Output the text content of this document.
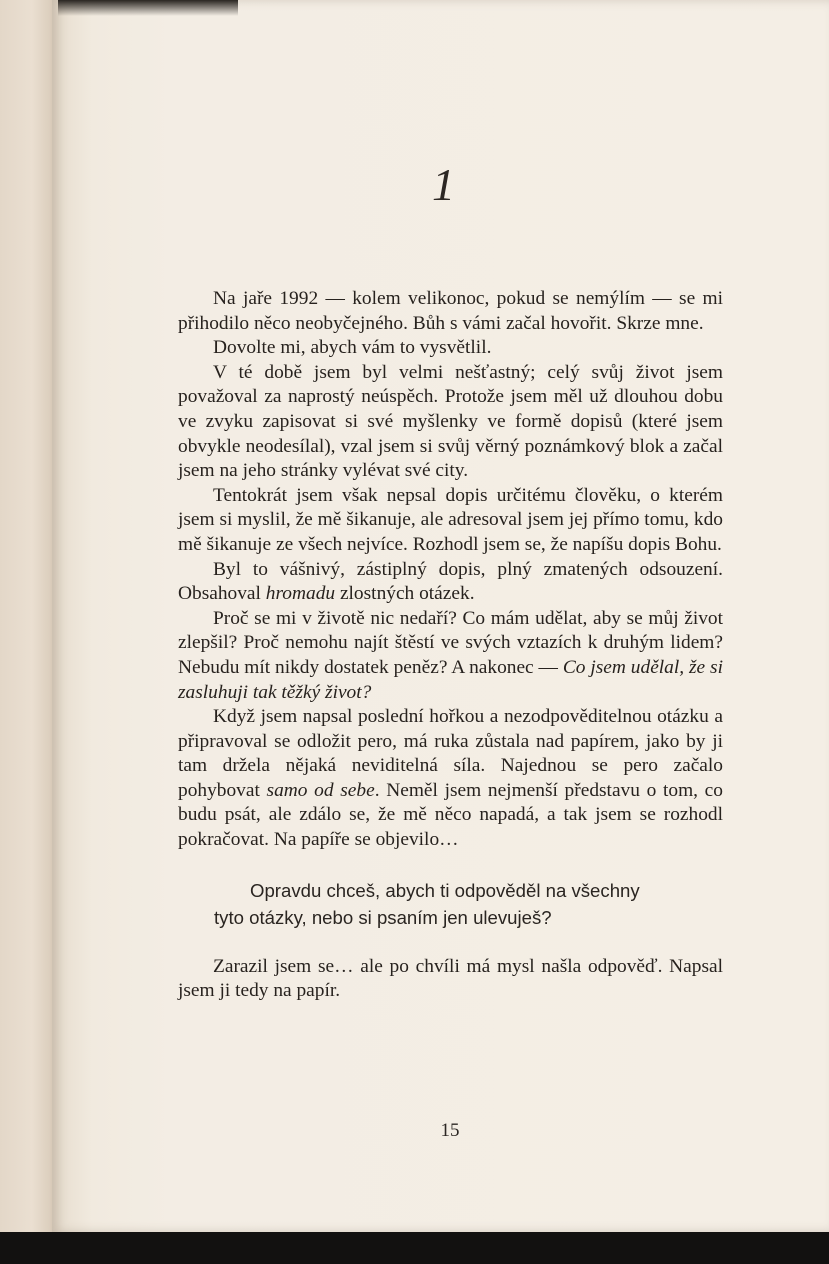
1

Na jaře 1992 — kolem velikonoc, pokud se nemýlím — se mi přihodilo něco neobyčejného. Bůh s vámi začal hovořit. Skrze mne.

Dovolte mi, abych vám to vysvětlil.

V té době jsem byl velmi nešťastný; celý svůj život jsem považoval za naprostý neúspěch. Protože jsem měl už dlouhou dobu ve zvyku zapisovat si své myšlenky ve formě dopisů (které jsem obvykle neodesílal), vzal jsem si svůj věrný poznámkový blok a začal jsem na jeho stránky vylévat své city.

Tentokrát jsem však nepsal dopis určitému člověku, o kterém jsem si myslil, že mě šikanuje, ale adresoval jsem jej přímo tomu, kdo mě šikanuje ze všech nejvíce. Rozhodl jsem se, že napíšu dopis Bohu.

Byl to vášnivý, zástiplný dopis, plný zmatených odsouzení. Obsahoval hromadu zlostných otázek.

Proč se mi v životě nic nedaří? Co mám udělat, aby se můj život zlepšil? Proč nemohu najít štěstí ve svých vztazích k druhým lidem? Nebudu mít nikdy dostatek peněz? A nakonec — Co jsem udělal, že si zasluhuji tak těžký život?

Když jsem napsal poslední hořkou a nezodpověditelnou otázku a připravoval se odložit pero, má ruka zůstala nad papírem, jako by ji tam držela nějaká neviditelná síla. Najednou se pero začalo pohybovat samo od sebe. Neměl jsem nejmenší představu o tom, co budu psát, ale zdálo se, že mě něco napadá, a tak jsem se rozhodl pokračovat. Na papíře se objevilo…

Opravdu chceš, abych ti odpověděl na všechny
tyto otázky, nebo si psaním jen ulevuješ?

Zarazil jsem se… ale po chvíli má mysl našla odpověď. Napsal jsem ji tedy na papír.

15
